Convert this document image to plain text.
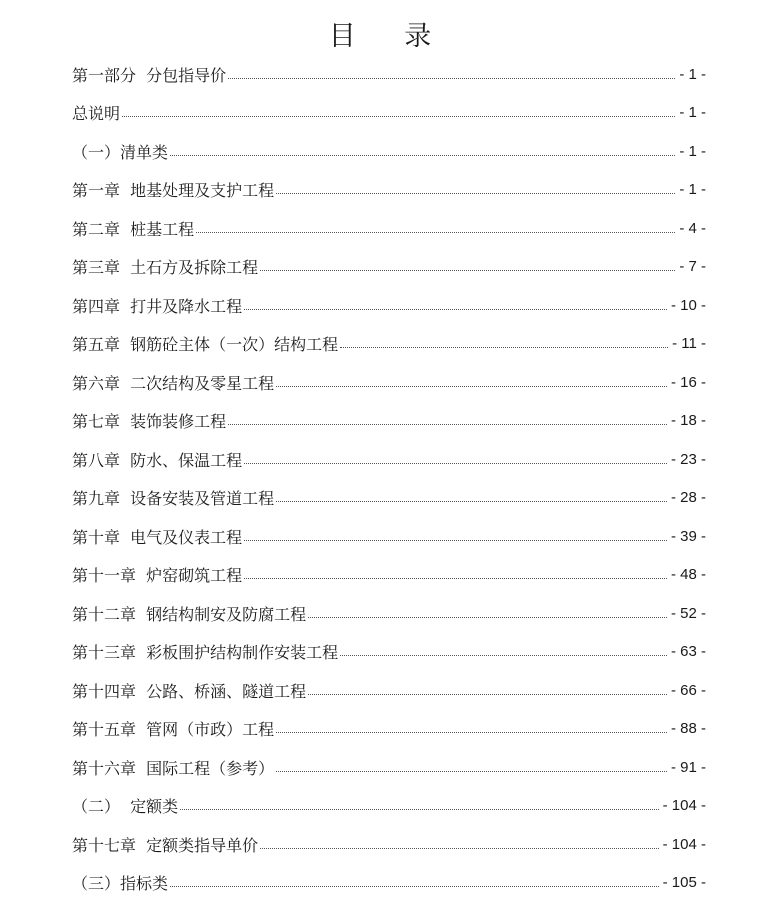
目 录
第一部分  分包指导价	- 1 -
总说明	- 1 -
（一）清单类	- 1 -
第一章  地基处理及支护工程	- 1 -
第二章  桩基工程	- 4 -
第三章  土石方及拆除工程	- 7 -
第四章  打井及降水工程	- 10 -
第五章  钢筋砼主体（一次）结构工程	- 11 -
第六章  二次结构及零星工程	- 16 -
第七章  装饰装修工程	- 18 -
第八章  防水、保温工程	- 23 -
第九章  设备安装及管道工程	- 28 -
第十章  电气及仪表工程	- 39 -
第十一章  炉窑砌筑工程	- 48 -
第十二章  钢结构制安及防腐工程	- 52 -
第十三章  彩板围护结构制作安装工程	- 63 -
第十四章  公路、桥涵、隧道工程	- 66 -
第十五章  管网（市政）工程	- 88 -
第十六章  国际工程（参考）	- 91 -
（二）  定额类	- 104 -
第十七章  定额类指导单价	- 104 -
（三）指标类	- 105 -
